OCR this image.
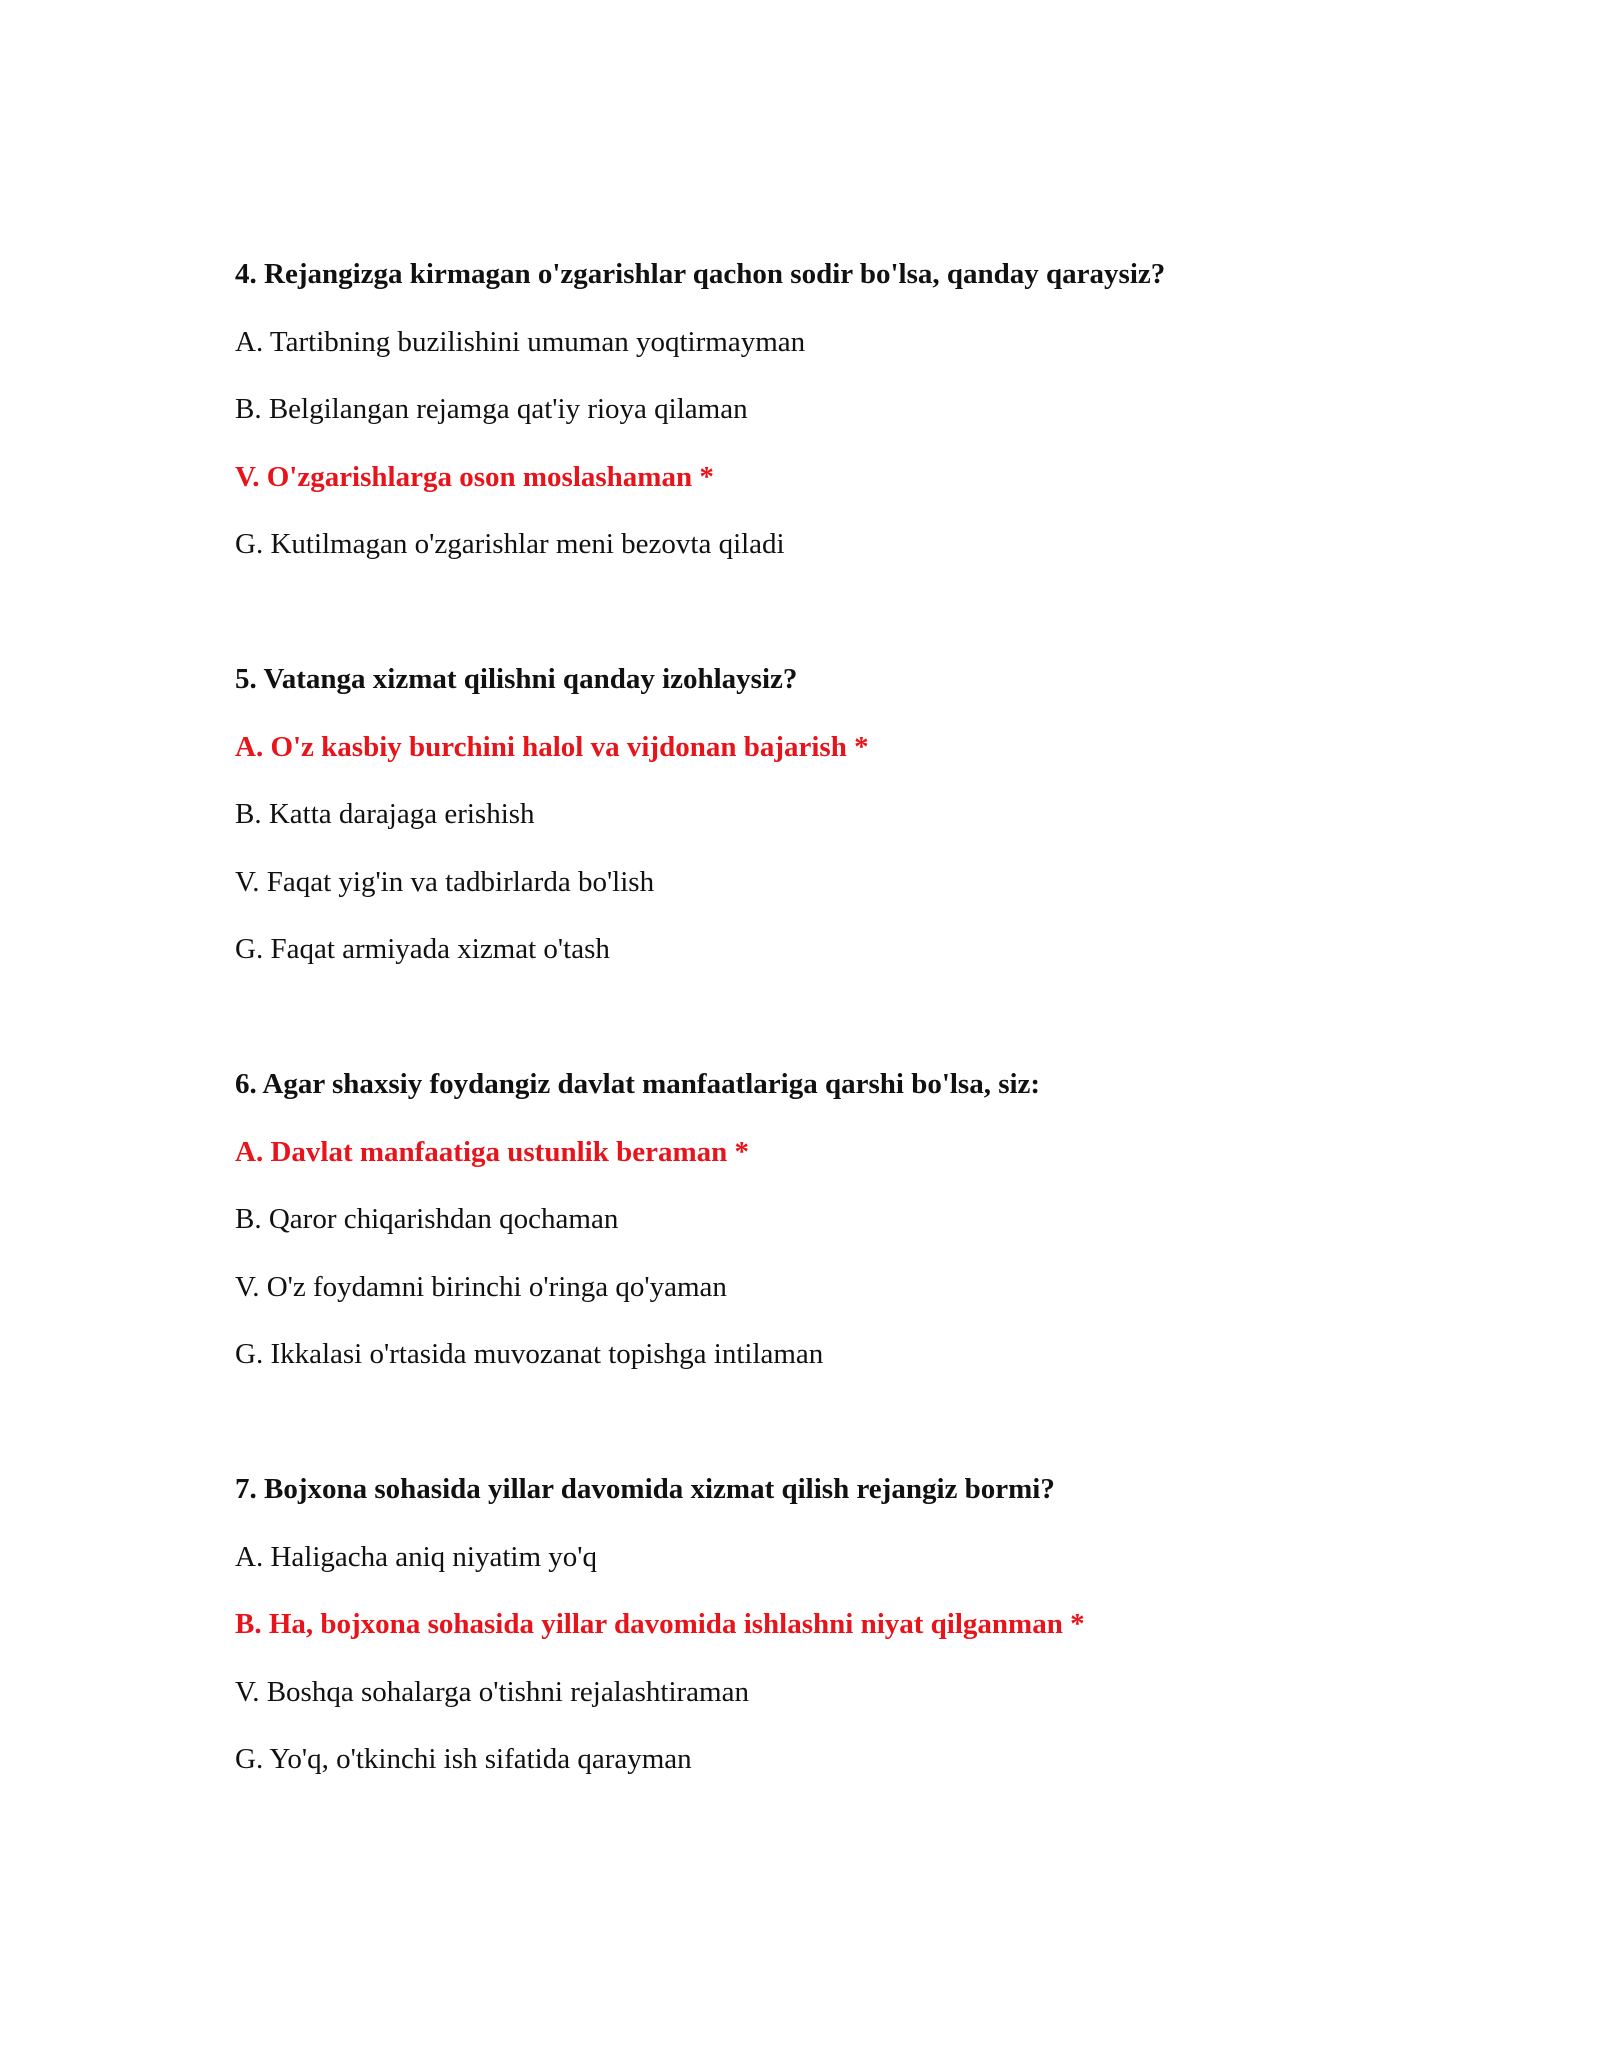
4. Rejangizga kirmagan o'zgarishlar qachon sodir bo'lsa, qanday qaraysiz?
A. Tartibning buzilishini umuman yoqtirmayman
B. Belgilangan rejamga qat'iy rioya qilaman
V. O'zgarishlarga oson moslashaman *
G. Kutilmagan o'zgarishlar meni bezovta qiladi
5. Vatanga xizmat qilishni qanday izohlaysiz?
A. O'z kasbiy burchini halol va vijdonan bajarish *
B. Katta darajaga erishish
V. Faqat yig'in va tadbirlarda bo'lish
G. Faqat armiyada xizmat o'tash
6. Agar shaxsiy foydangiz davlat manfaatlariga qarshi bo'lsa, siz:
A. Davlat manfaatiga ustunlik beraman *
B. Qaror chiqarishdan qochaman
V. O'z foydamni birinchi o'ringa qo'yaman
G. Ikkalasi o'rtasida muvozanat topishga intilaman
7. Bojxona sohasida yillar davomida xizmat qilish rejangiz bormi?
A. Haligacha aniq niyatim yo'q
B. Ha, bojxona sohasida yillar davomida ishlashni niyat qilganman *
V. Boshqa sohalarga o'tishni rejalashtiraman
G. Yo'q, o'tkinchi ish sifatida qarayman
